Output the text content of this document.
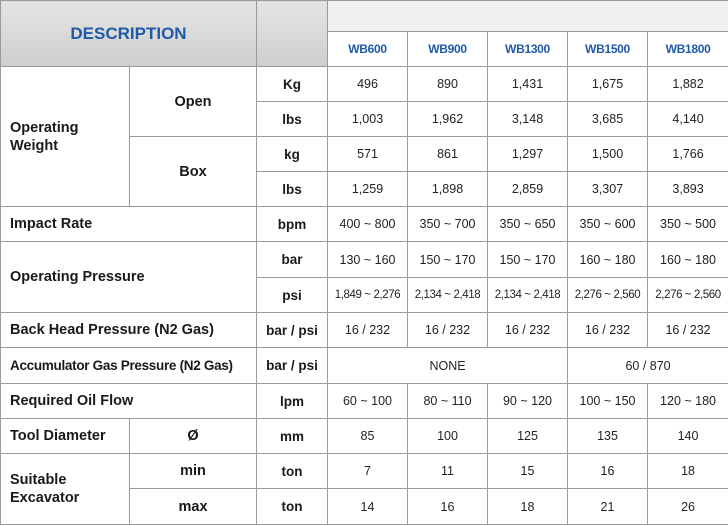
DESCRIPTION							
			WB600	WB900	WB1300	WB1500	WB1800
Operating Weight	Open	Kg	496	890	1,431	1,675	1,882
		lbs	1,003	1,962	3,148	3,685	4,140
	Box	kg	571	861	1,297	1,500	1,766
		lbs	1,259	1,898	2,859	3,307	3,893
Impact Rate		bpm	400 ~ 800	350 ~ 700	350 ~ 650	350 ~ 600	350 ~ 500
Operating Pressure		bar	130 ~ 160	150 ~ 170	150 ~ 170	160 ~ 180	160 ~ 180
		psi	1,849 ~ 2,276	2,134 ~ 2,418	2,134 ~ 2,418	2,276 ~ 2,560	2,276 ~ 2,560
Back Head Pressure (N2 Gas)		bar / psi	16 / 232	16 / 232	16 / 232	16 / 232	16 / 232
Accumulator Gas Pressure (N2 Gas)		bar / psi	NONE			60 / 870	
Required Oil Flow		lpm	60 ~ 100	80 ~ 110	90 ~ 120	100 ~ 150	120 ~ 180
Tool Diameter	Ø	mm	85	100	125	135	140
Suitable Excavator	min	ton	7	11	15	16	18
	max	ton	14	16	18	21	26
